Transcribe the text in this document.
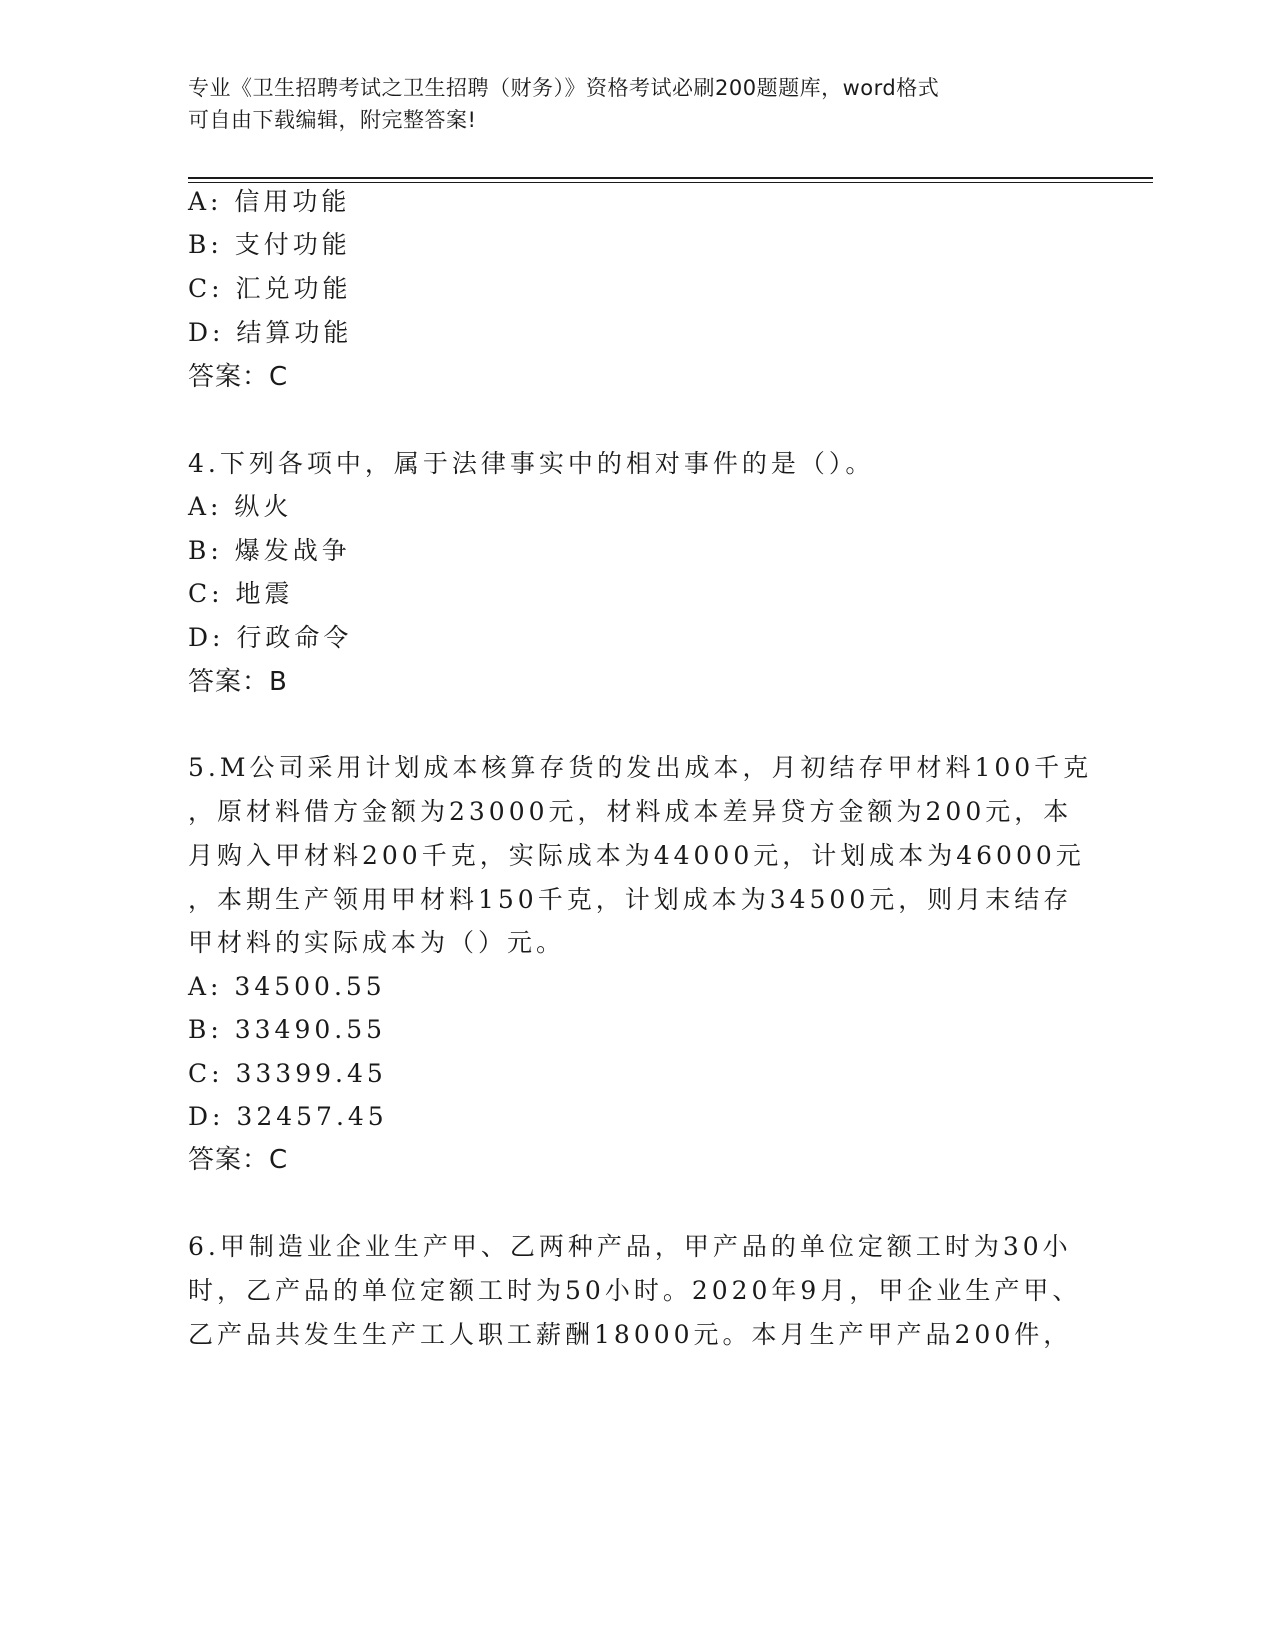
专业《卫生招聘考试之卫生招聘（财务）》资格考试必刷200题题库，word格式
可自由下载编辑，附完整答案!
A: 信用功能
B: 支付功能
C: 汇兑功能
D: 结算功能
答案：C
4.下列各项中，属于法律事实中的相对事件的是（）。
A: 纵火
B: 爆发战争
C: 地震
D: 行政命令
答案：B
5.M公司采用计划成本核算存货的发出成本，月初结存甲材料100千克
，原材料借方金额为23000元，材料成本差异贷方金额为200元，本
月购入甲材料200千克，实际成本为44000元，计划成本为46000元
，本期生产领用甲材料150千克，计划成本为34500元，则月末结存
甲材料的实际成本为（）元。
A: 34500.55
B: 33490.55
C: 33399.45
D: 32457.45
答案：C
6.甲制造业企业生产甲、乙两种产品，甲产品的单位定额工时为30小
时，乙产品的单位定额工时为50小时。2020年9月，甲企业生产甲、
乙产品共发生生产工人职工薪酬18000元。本月生产甲产品200件，
